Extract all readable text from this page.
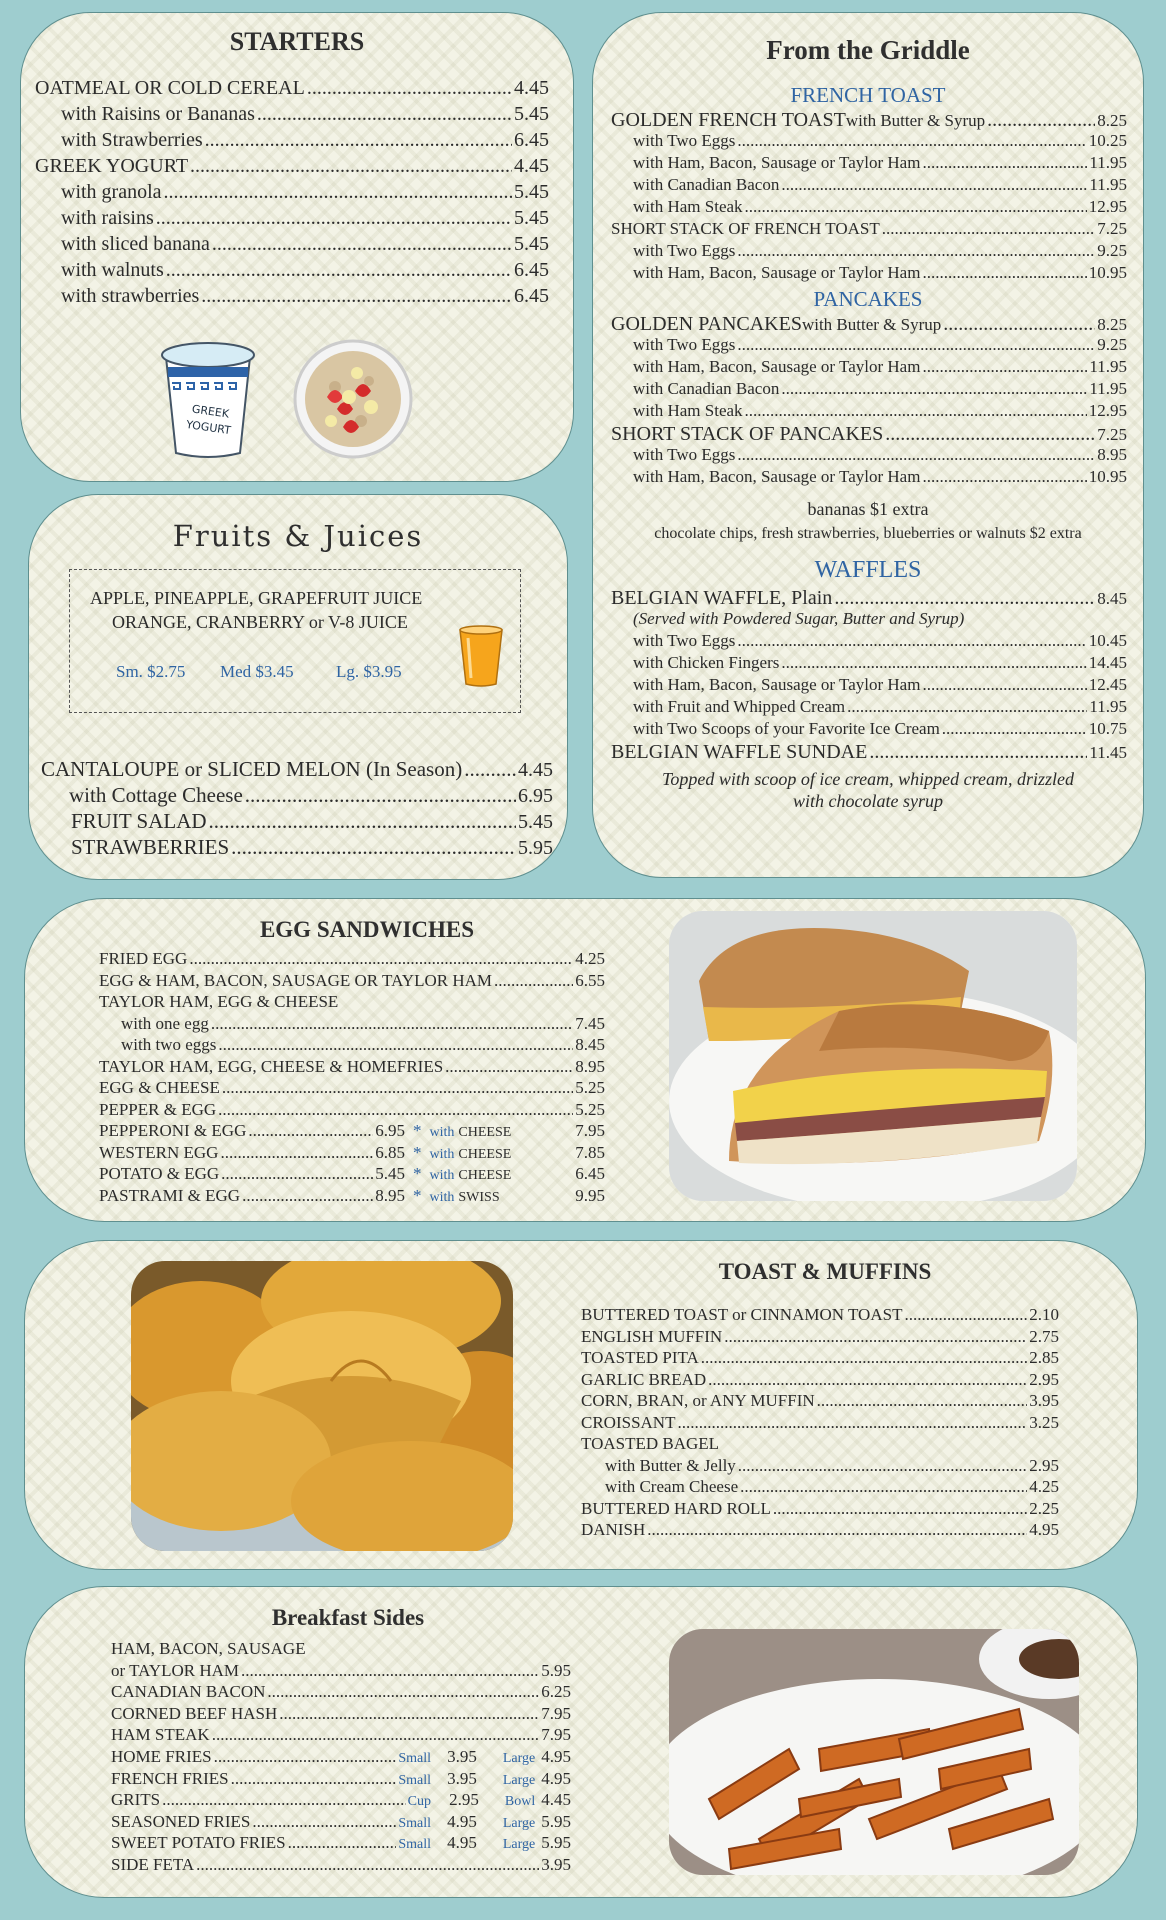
STARTERS
OATMEAL OR COLD CEREAL .....	4.45
with Raisins or Bananas .....	5.45
with Strawberries .....	6.45
GREEK YOGURT .....	4.45
with granola .....	5.45
with raisins .....	5.45
with sliced banana .....	5.45
with walnuts .....	6.45
with strawberries .....	6.45
GREEK
YOGURT
Fruits & Juices
APPLE, PINEAPPLE, GRAPEFRUIT JUICE
ORANGE, CRANBERRY or V-8 JUICE
Sm. $2.75 Med $3.45 Lg. $3.95
CANTALOUPE or SLICED MELON (In Season) .....	4.45
with Cottage Cheese .....	6.95
FRUIT SALAD .....	5.45
STRAWBERRIES .....	5.95
From the Griddle
FRENCH TOAST
GOLDEN FRENCH TOAST with Butter & Syrup .....	8.25
with Two Eggs .....	10.25
with Ham, Bacon, Sausage or Taylor Ham .....	11.95
with Canadian Bacon .....	11.95
with Ham Steak .....	12.95
SHORT STACK OF FRENCH TOAST .....	7.25
with Two Eggs .....	9.25
with Ham, Bacon, Sausage or Taylor Ham .....	10.95
PANCAKES
GOLDEN PANCAKES with Butter & Syrup .....	8.25
with Two Eggs .....	9.25
with Ham, Bacon, Sausage or Taylor Ham .....	11.95
with Canadian Bacon .....	11.95
with Ham Steak .....	12.95
SHORT STACK OF PANCAKES .....	7.25
with Two Eggs .....	8.95
with Ham, Bacon, Sausage or Taylor Ham .....	10.95
bananas $1 extra
chocolate chips, fresh strawberries, blueberries or walnuts $2 extra
WAFFLES
BELGIAN WAFFLE, Plain .....	8.45
(Served with Powdered Sugar, Butter and Syrup)
with Two Eggs .....	10.45
with Chicken Fingers .....	14.45
with Ham, Bacon, Sausage or Taylor Ham .....	12.45
with Fruit and Whipped Cream .....	11.95
with Two Scoops of your Favorite Ice Cream .....	10.75
BELGIAN WAFFLE SUNDAE .....	11.45
Topped with scoop of ice cream, whipped cream, drizzled
with chocolate syrup
EGG SANDWICHES
FRIED EGG .....	4.25
EGG & HAM, BACON, SAUSAGE OR TAYLOR HAM .....	6.55
TAYLOR HAM, EGG & CHEESE
with one egg .....	7.45
with two eggs .....	8.45
TAYLOR HAM, EGG, CHEESE & HOMEFRIES .....	8.95
EGG & CHEESE .....	5.25
PEPPER & EGG .....	5.25
PEPPERONI & EGG .....	6.95 * with CHEESE	7.95
WESTERN EGG .....	6.85 * with CHEESE	7.85
POTATO & EGG .....	5.45 * with CHEESE	6.45
PASTRAMI & EGG .....	8.95 * with SWISS	9.95
TOAST & MUFFINS
BUTTERED TOAST or CINNAMON TOAST .....	2.10
ENGLISH MUFFIN .....	2.75
TOASTED PITA .....	2.85
GARLIC BREAD .....	2.95
CORN, BRAN, or ANY MUFFIN .....	3.95
CROISSANT .....	3.25
TOASTED BAGEL
with Butter & Jelly .....	2.95
with Cream Cheese .....	4.25
BUTTERED HARD ROLL .....	2.25
DANISH .....	4.95
Breakfast Sides
HAM, BACON, SAUSAGE
or TAYLOR HAM .....	5.95
CANADIAN BACON .....	6.25
CORNED BEEF HASH .....	7.95
HAM STEAK .....	7.95
HOME FRIES .....	Small 3.95 Large 4.95
FRENCH FRIES .....	Small 3.95 Large 4.95
GRITS .....	Cup	2.95 Bowl 4.45
SEASONED FRIES .....	Small 4.95 Large 5.95
SWEET POTATO FRIES .....	Small 4.95 Large 5.95
SIDE FETA .....	3.95
